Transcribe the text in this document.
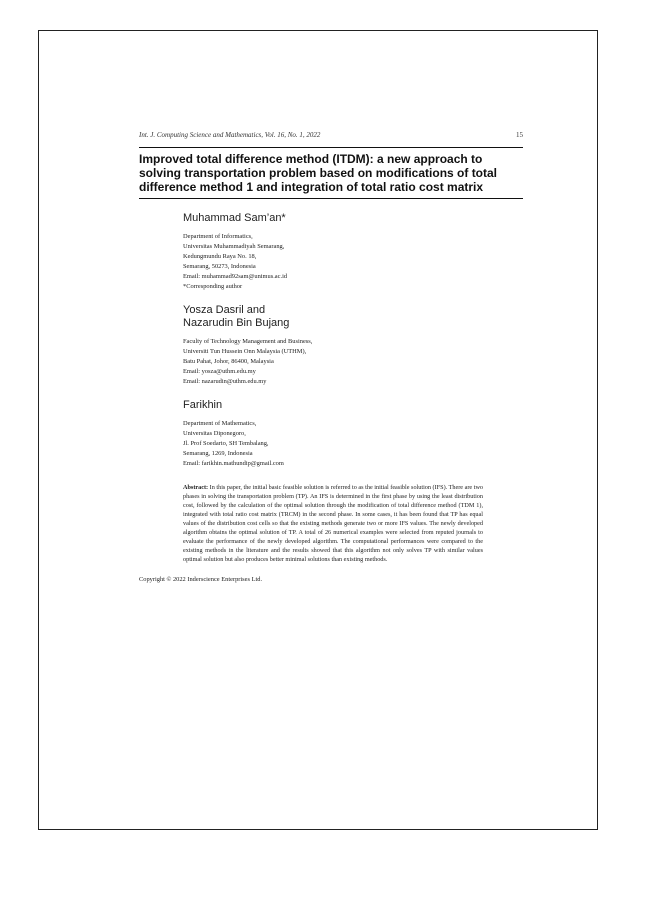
Int. J. Computing Science and Mathematics, Vol. 16, No. 1, 2022	15
Improved total difference method (ITDM): a new approach to solving transportation problem based on modifications of total difference method 1 and integration of total ratio cost matrix
Muhammad Sam’an*
Department of Informatics,
Universitas Muhammadiyah Semarang,
Kedungmundu Raya No. 18,
Semarang, 50273, Indonesia
Email: muhammad92sam@unimus.ac.id
*Corresponding author
Yosza Dasril and
Nazarudin Bin Bujang
Faculty of Technology Management and Business,
Universiti Tun Hussein Onn Malaysia (UTHM),
Batu Pahat, Johor, 86400, Malaysia
Email: yosza@uthm.edu.my
Email: nazarudin@uthm.edu.my
Farikhin
Department of Mathematics,
Universitas Diponegoro,
Jl. Prof Soedarto, SH Tembalang,
Semarang, 1269, Indonesia
Email: farikhin.mathundip@gmail.com
Abstract: In this paper, the initial basic feasible solution is referred to as the initial feasible solution (IFS). There are two phases in solving the transportation problem (TP). An IFS is determined in the first phase by using the least distribution cost, followed by the calculation of the optimal solution through the modification of total difference method (TDM 1), integrated with total ratio cost matrix (TRCM) in the second phase. In some cases, it has been found that TP has equal values of the distribution cost cells so that the existing methods generate two or more IFS values. The newly developed algorithm obtains the optimal solution of TP. A total of 26 numerical examples were selected from reputed journals to evaluate the performance of the newly developed algorithm. The computational performances were compared to the existing methods in the literature and the results showed that this algorithm not only solves TP with similar values optimal solution but also produces better minimal solutions than existing methods.
Copyright © 2022 Inderscience Enterprises Ltd.
